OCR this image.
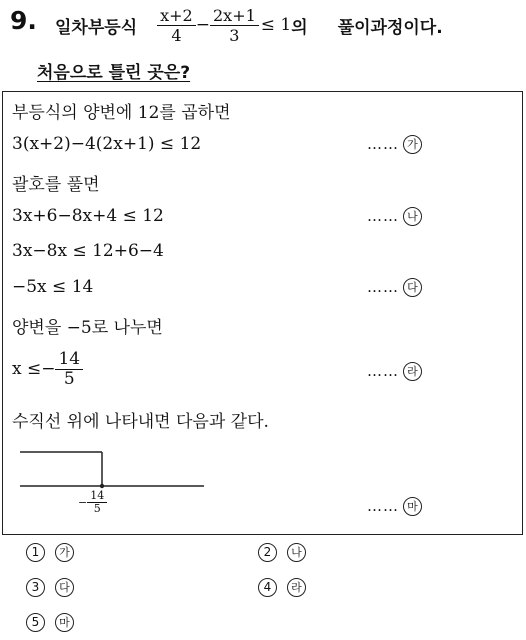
9. 일차부등식 $\frac{x+2}{4} - \frac{2x+1}{3} \le 1$ 의 풀이과정이다.
처음으로 틀린 곳은?
부등식의 양변에 12를 곱하면
3(x+2)−4(2x+1) ≤ 12	…… 가
괄호를 풀면
3x+6−8x+4 ≤ 12	…… 나
3x−8x ≤ 12+6−4
−5x ≤ 14	…… 다
양변을 −5로 나누면
$x \le- \frac{14}{5}$	…… 라
수직선 위에 나타내면 다음과 같다.
− $\frac{14}{5}$	…… 마
1 가	2 나
3 다	4 라
5 마
